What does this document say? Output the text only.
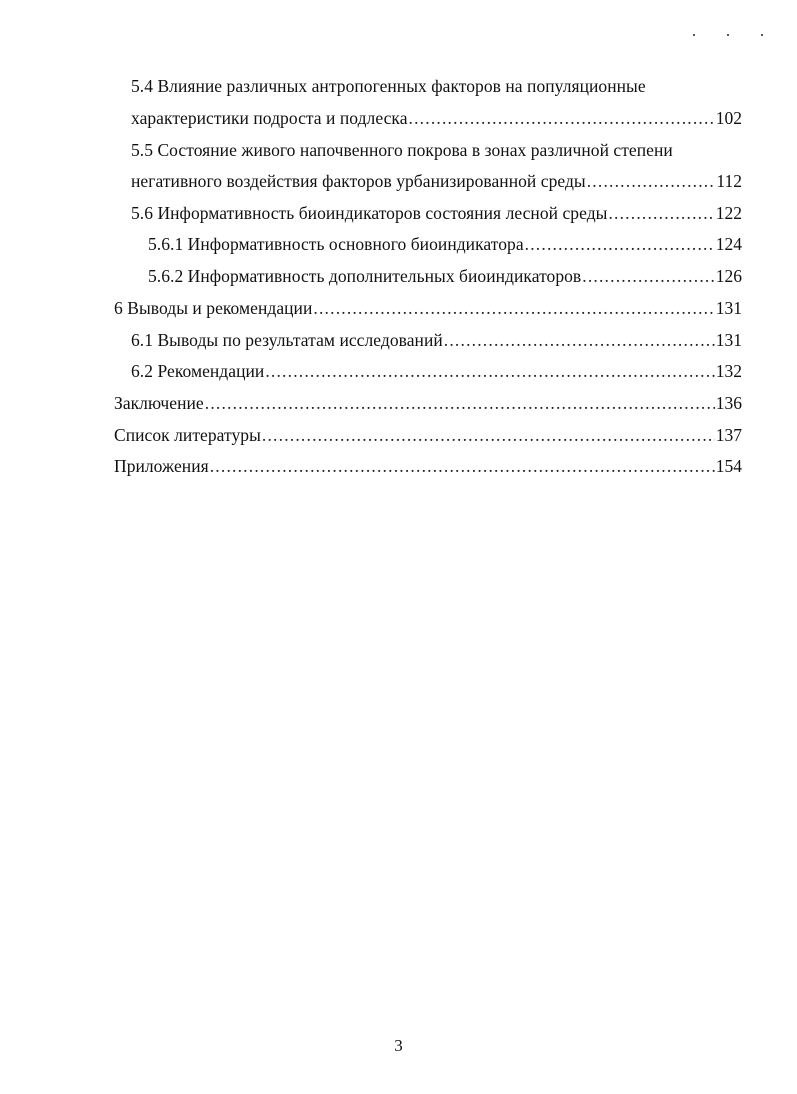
5.4 Влияние различных антропогенных факторов на популяционные
характеристики подроста и подлеска .....	102
5.5 Состояние живого напочвенного покрова в зонах различной степени
негативного воздействия факторов урбанизированной среды .....	112
5.6 Информативность биоиндикаторов состояния лесной среды .....	122
5.6.1 Информативность основного биоиндикатора .....	124
5.6.2 Информативность дополнительных биоиндикаторов .....	126
6 Выводы и рекомендации .....	131
6.1 Выводы по результатам исследований .....	131
6.2 Рекомендации .....	132
Заключение .....	136
Список литературы .....	137
Приложения .....	154
3
